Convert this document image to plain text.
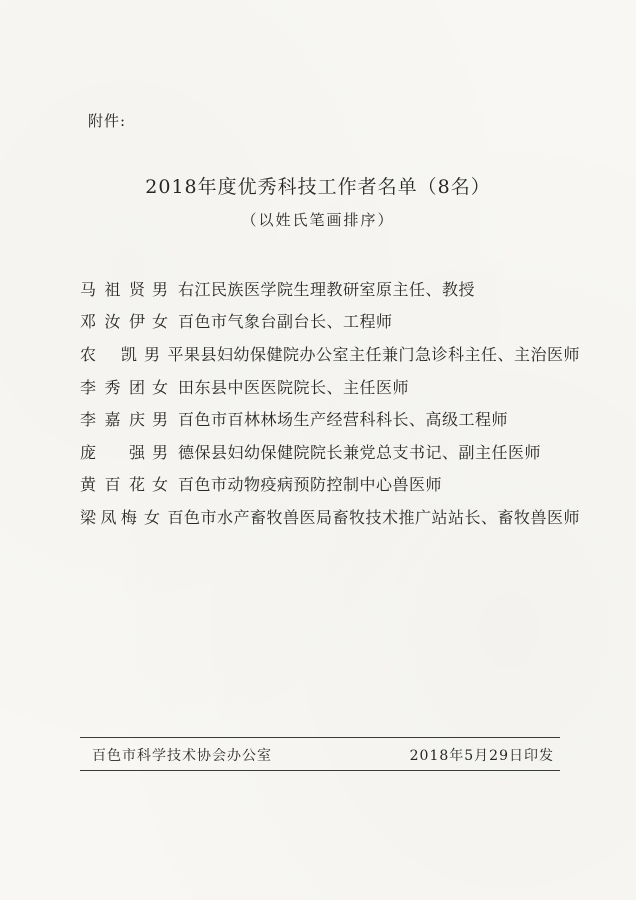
附件:
2018年度优秀科技工作者名单（8名）
（以姓氏笔画排序）
马祖贤 男 右江民族医学院生理教研室原主任、教授
邓汝伊 女 百色市气象台副台长、工程师
农凯 男 平果县妇幼保健院办公室主任兼门急诊科主任、主治医师
李秀团 女 田东县中医医院院长、主任医师
李嘉庆 男 百色市百林林场生产经营科科长、高级工程师
庞强 男 德保县妇幼保健院院长兼党总支书记、副主任医师
黄百花 女 百色市动物疫病预防控制中心兽医师
梁凤梅 女 百色市水产畜牧兽医局畜牧技术推广站站长、畜牧兽医师
百色市科学技术协会办公室	2018年5月29日印发
